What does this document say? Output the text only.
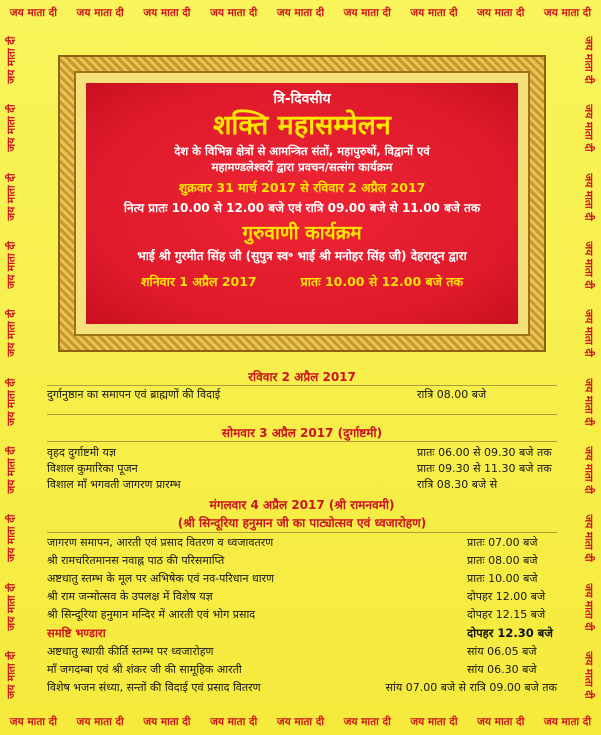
जय माता दी जय माता दी जय माता दी जय माता दी जय माता दी जय माता दी जय माता दी जय माता दी जय माता दी
जय माता दी जय माता दी जय माता दी जय माता दी जय माता दी जय माता दी जय माता दी जय माता दी जय माता दी
जय माता दी
जय माता दी
जय माता दी
जय माता दी
जय माता दी
जय माता दी
जय माता दी
जय माता दी
जय माता दी
जय माता दी
जय माता दी
जय माता दी
जय माता दी
जय माता दी
जय माता दी
जय माता दी
जय माता दी
जय माता दी
जय माता दी
जय माता दी
त्रि-दिवसीय
शक्ति महासम्मेलन
देश के विभिन्न क्षेत्रों से आमन्त्रित संतों, महापुरुषों, विद्वानों एवं
महामण्डलेश्वरों द्वारा प्रवचन/सत्संग कार्यक्रम
शुक्रवार 31 मार्च 2017 से रविवार 2 अप्रैल 2017
नित्य प्रातः 10.00 से 12.00 बजे एवं रात्रि 09.00 बजे से 11.00 बजे तक
गुरुवाणी कार्यक्रम
भाई श्री गुरमीत सिंह जी (सुपुत्र स्व॰ भाई श्री मनोहर सिंह जी) देहरादून द्वारा
शनिवार 1 अप्रैल 2017	प्रातः 10.00 से 12.00 बजे तक
रविवार 2 अप्रैल 2017
दुर्गानुष्ठान का समापन एवं ब्राह्मणों की विदाई	रात्रि 08.00 बजे
सोमवार 3 अप्रैल 2017 (दुर्गाष्टमी)
वृहद दुर्गाष्टमी यज्ञ	प्रातः 06.00 से 09.30 बजे तक
विशाल कुमारिका पूजन	प्रातः 09.30 से 11.30 बजे तक
विशाल माँ भगवती जागरण प्रारम्भ	रात्रि 08.30 बजे से
मंगलवार 4 अप्रैल 2017 (श्री रामनवमी)
(श्री सिन्दूरिया हनुमान जी का पाट्योत्सव एवं ध्वजारोहण)
जागरण समापन, आरती एवं प्रसाद वितरण व ध्वजावतरण	प्रातः 07.00 बजे
श्री रामचरितमानस नवाह्न पाठ की परिसमाप्ति	प्रातः 08.00 बजे
अष्टधातु स्तम्भ के मूल पर अभिषेक एवं नव-परिधान धारण	प्रातः 10.00 बजे
श्री राम जन्मोत्सव के उपलक्ष में विशेष यज्ञ	दोपहर 12.00 बजे
श्री सिन्दूरिया हनुमान मन्दिर में आरती एवं भोग प्रसाद	दोपहर 12.15 बजे
समष्टि भण्डारा	दोपहर 12.30 बजे
अष्टधातु स्थायी कीर्ति स्तम्भ पर ध्वजारोहण	सांय 06.05 बजे
माँ जगदम्बा एवं श्री शंकर जी की सामूहिक आरती	सांय 06.30 बजे
विशेष भजन संध्या, सन्तों की विदाई एवं प्रसाद वितरण	सांय 07.00 बजे से रात्रि 09.00 बजे तक
